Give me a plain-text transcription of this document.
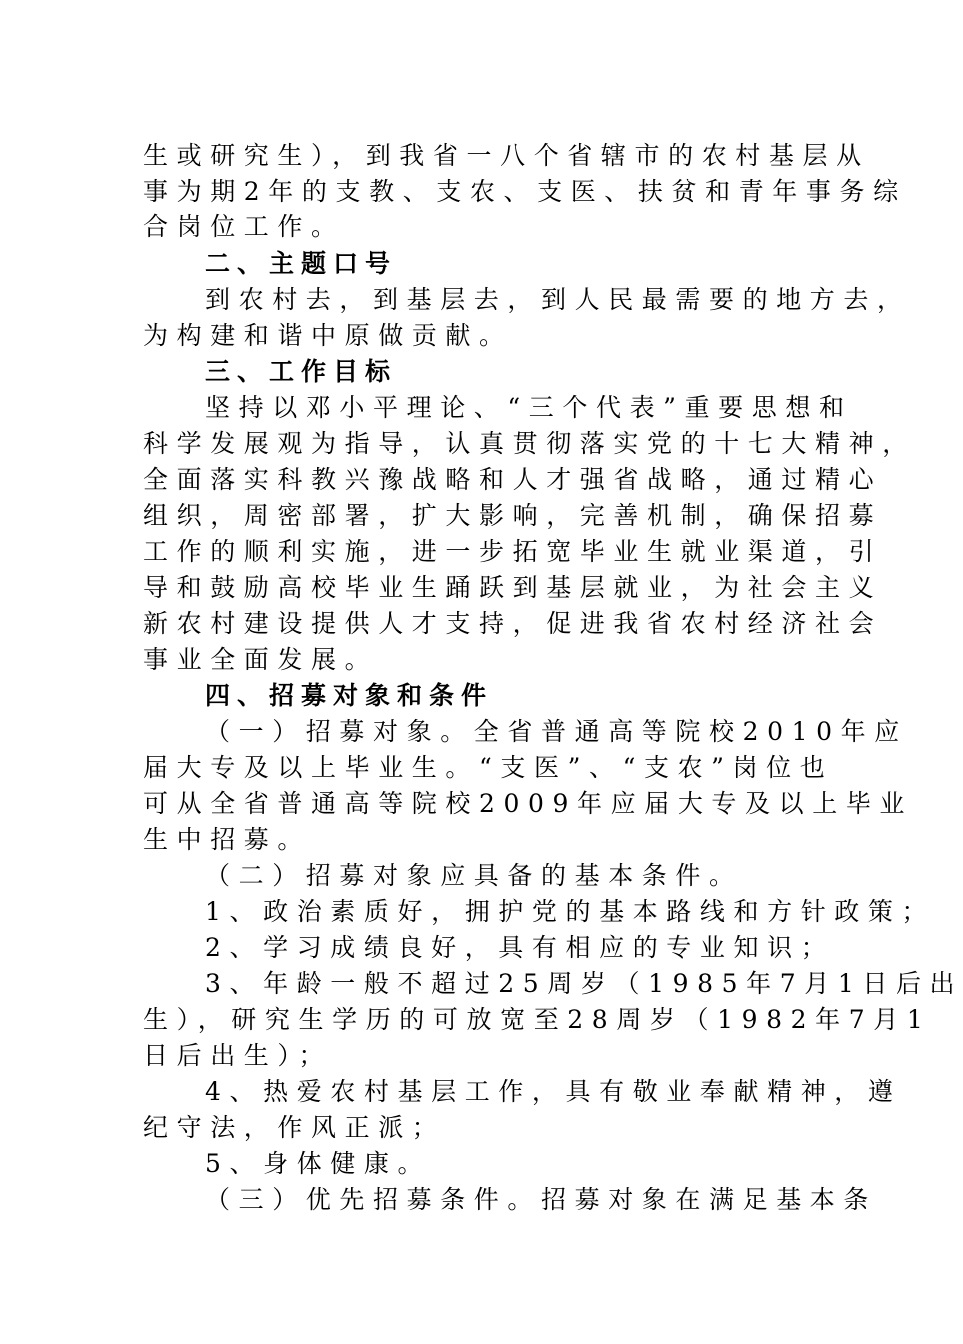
生或研究生），到我省一八个省辖市的农村基层从
事为期2年的支教、支农、支医、扶贫和青年事务综
合岗位工作。
二、主题口号
到农村去，到基层去，到人民最需要的地方去，
为构建和谐中原做贡献。
三、工作目标
坚持以邓小平理论、“三个代表”重要思想和
科学发展观为指导，认真贯彻落实党的十七大精神，
全面落实科教兴豫战略和人才强省战略，通过精心
组织，周密部署，扩大影响，完善机制，确保招募
工作的顺利实施，进一步拓宽毕业生就业渠道，引
导和鼓励高校毕业生踊跃到基层就业，为社会主义
新农村建设提供人才支持，促进我省农村经济社会
事业全面发展。
四、招募对象和条件
（一）招募对象。全省普通高等院校2010年应
届大专及以上毕业生。“支医”、“支农”岗位也
可从全省普通高等院校2009年应届大专及以上毕业
生中招募。
（二）招募对象应具备的基本条件。
1、政治素质好，拥护党的基本路线和方针政策；
2、学习成绩良好，具有相应的专业知识；
3、年龄一般不超过25周岁（1985年7月1日后出
生），研究生学历的可放宽至28周岁（1982年7月1
日后出生）；
4、热爱农村基层工作，具有敬业奉献精神，遵
纪守法，作风正派；
5、身体健康。
（三）优先招募条件。招募对象在满足基本条
